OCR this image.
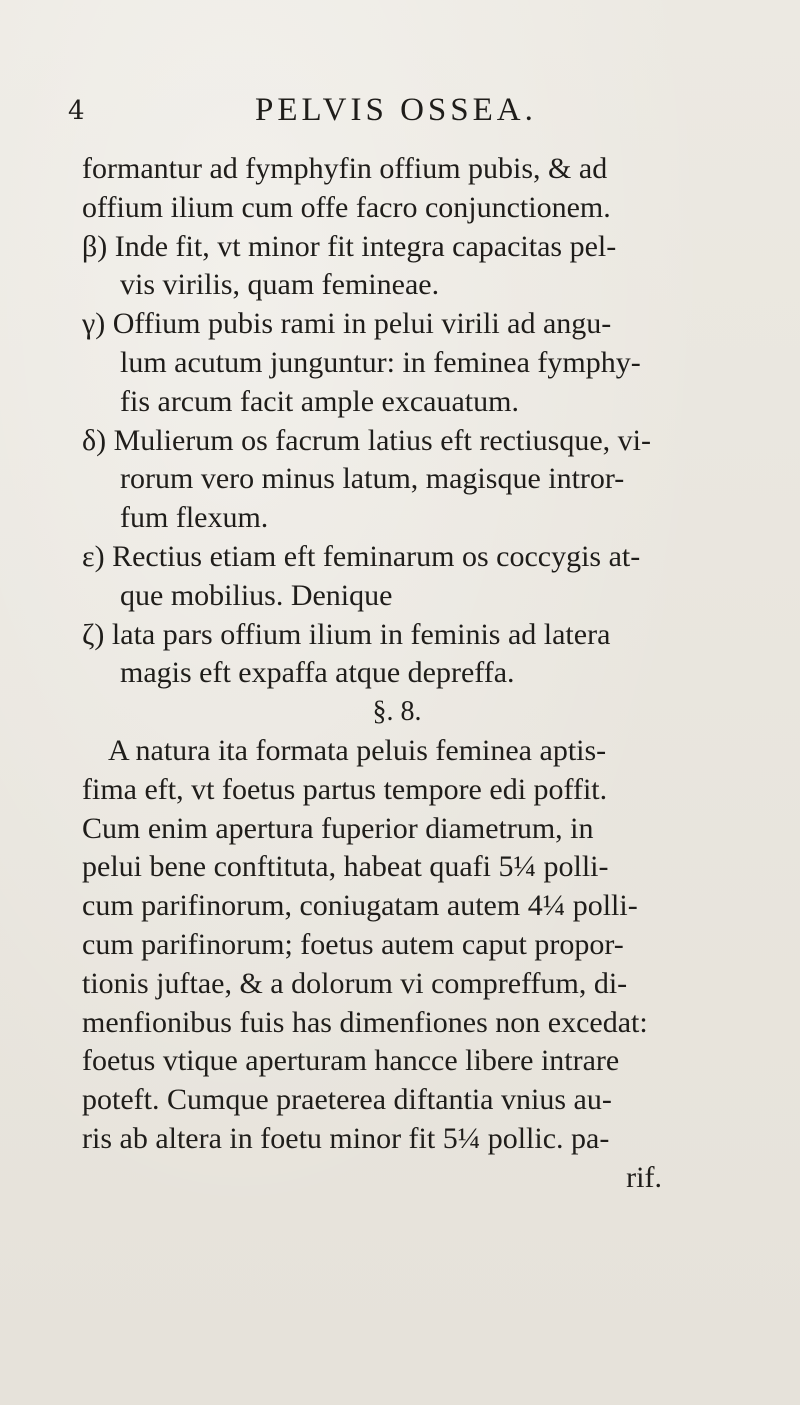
4	PELVIS OSSEA.
formantur ad fymphyfin offium pubis, & ad
offium ilium cum offe facro conjunctionem.
β) Inde fit, vt minor fit integra capacitas pel-
vis virilis, quam femineae.
γ) Offium pubis rami in pelui virili ad angu-
lum acutum junguntur: in feminea fymphy-
fis arcum facit ample excauatum.
δ) Mulierum os facrum latius eft rectiusque, vi-
rorum vero minus latum, magisque intror-
fum flexum.
ε) Rectius etiam eft feminarum os coccygis at-
que mobilius. Denique
ζ) lata pars offium ilium in feminis ad latera
magis eft expaffa atque depreffa.
§. 8.
A natura ita formata peluis feminea aptis-
fima eft, vt foetus partus tempore edi poffit.
Cum enim apertura fuperior diametrum, in
pelui bene conftituta, habeat quafi 5¼ polli-
cum parifinorum, coniugatam autem 4¼ polli-
cum parifinorum; foetus autem caput propor-
tionis juftae, & a dolorum vi compreffum, di-
menfionibus fuis has dimenfiones non excedat:
foetus vtique aperturam hancce libere intrare
poteft. Cumque praeterea diftantia vnius au-
ris ab altera in foetu minor fit 5¼ pollic. pa-
rif.
